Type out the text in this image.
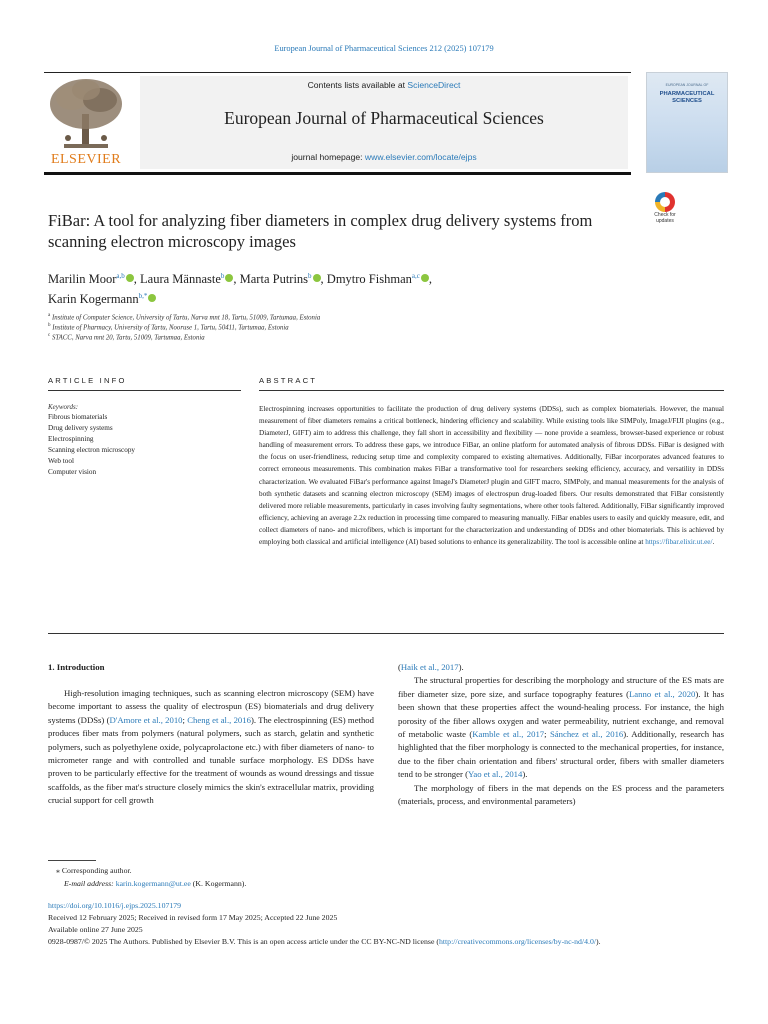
European Journal of Pharmaceutical Sciences 212 (2025) 107179
ELSEVIER
Contents lists available at ScienceDirect
European Journal of Pharmaceutical Sciences
journal homepage: www.elsevier.com/locate/ejps
EUROPEAN JOURNAL OF
PHARMACEUTICAL SCIENCES
Check for updates
FiBar: A tool for analyzing fiber diameters in complex drug delivery systems from scanning electron microscopy images
Marilin Moor$^{a,b}$ , Laura Männaste$^b$ , Marta Putrins$^b$ , Dmytro Fishman$^{a,c}$ ,
Karin Kogermann$^{b,*}$
$^a$ Institute of Computer Science, University of Tartu, Narva mnt 18, Tartu, 51009, Tartumaa, Estonia
$^b$ Institute of Pharmacy, University of Tartu, Nooruse 1, Tartu, 50411, Tartumaa, Estonia
$^c$ STACC, Narva mnt 20, Tartu, 51009, Tartumaa, Estonia
ARTICLE INFO
Keywords:
Fibrous biomaterials
Drug delivery systems
Electrospinning
Scanning electron microscopy
Web tool
Computer vision
ABSTRACT
Electrospinning increases opportunities to facilitate the production of drug delivery systems (DDSs), such as complex biomaterials. However, the manual measurement of fiber diameters remains a critical bottleneck, hindering efficiency and scalability. While existing tools like SIMPoly, ImageJ/FIJI plugins (e.g., DiameterJ, GIFT) aim to address this challenge, they fall short in accessibility and flexibility — none provide a seamless, browser-based experience or robust handling of measurement errors. To address these gaps, we introduce FiBar, an online platform for automated analysis of fibrous DDSs. FiBar is designed with the focus on user-friendliness, reducing setup time and complexity compared to existing alternatives. Additionally, FiBar incorporates advanced features to correct erroneous measurements. This combination makes FiBar a transformative tool for researchers seeking efficiency, accuracy, and versatility in DDSs characterization. We evaluated FiBar's performance against ImageJ's DiameterJ plugin and GIFT macro, SIMPoly, and manual measurements for the analysis of both synthetic datasets and scanning electron microscopy (SEM) images of electrospun drug-loaded fibers. Our results demonstrated that FiBar consistently delivered more reliable measurements, particularly in cases involving faulty segmentations, where other tools faltered. Additionally, FiBar significantly improved efficiency, achieving an average 2.2x reduction in processing time compared to measuring manually. FiBar enables users to easily and quickly measure, edit, and collect diameters of nano- and microfibers, which is important for the characterization and understanding of DDSs and other biomaterials. This is achieved by employing both classical and artificial intelligence (AI) based solutions to enhance its generalizability. The tool is accessible online at https://fibar.elixir.ut.ee/.
1. Introduction

High-resolution imaging techniques, such as scanning electron microscopy (SEM) have become important to assess the quality of electrospun (ES) biomaterials and drug delivery systems (DDSs) (D'Amore et al., 2010; Cheng et al., 2016). The electrospinning (ES) method produces fiber mats from polymers (natural polymers, such as starch, gelatin and synthetic polymers, such as polyethylene oxide, polycaprolactone etc.) with fiber diameters of nano- to micrometer range and with controlled and tunable surface morphology. ES DDSs have proven to be particularly effective for the treatment of wounds as wound dressings and tissue scaffolds, as the fiber mat's structure closely mimics the skin's extracellular matrix, providing crucial support for cell growth

(Haik et al., 2017).

The structural properties for describing the morphology and structure of the ES mats are fiber diameter size, pore size, and surface topography features (Lanno et al., 2020). It has been shown that these properties affect the wound-healing process. For instance, the high porosity of the fiber allows oxygen and water permeability, nutrient exchange, and removal of metabolic waste (Kamble et al., 2017; Sánchez et al., 2016). Additionally, research has highlighted that the fiber morphology is connected to the mechanical properties, for instance, due to the fiber chain orientation and fibers' structural order, fibers with smaller diameters tend to be stronger (Yao et al., 2014).

The morphology of fibers in the mat depends on the ES process and the parameters (materials, process, and environmental parameters)

⁎ Corresponding author.
E-mail address: karin.kogermann@ut.ee (K. Kogermann).
https://doi.org/10.1016/j.ejps.2025.107179
Received 12 February 2025; Received in revised form 17 May 2025; Accepted 22 June 2025
Available online 27 June 2025
0928-0987/© 2025 The Authors. Published by Elsevier B.V. This is an open access article under the CC BY-NC-ND license (http://creativecommons.org/licenses/by-nc-nd/4.0/).
